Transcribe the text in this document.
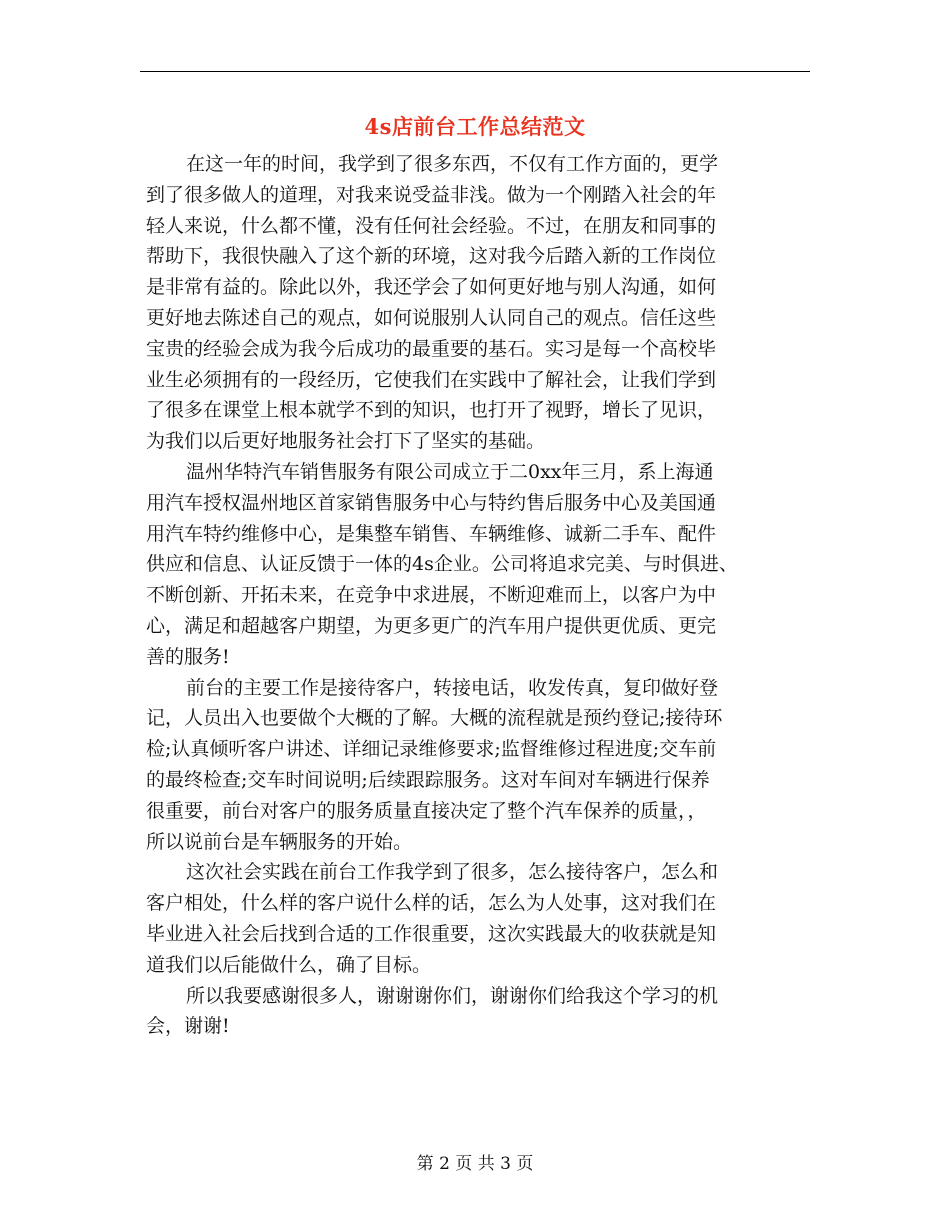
4s店前台工作总结范文
在这一年的时间，我学到了很多东西，不仅有工作方面的，更学
到了很多做人的道理，对我来说受益非浅。做为一个刚踏入社会的年
轻人来说，什么都不懂，没有任何社会经验。不过，在朋友和同事的
帮助下，我很快融入了这个新的环境，这对我今后踏入新的工作岗位
是非常有益的。除此以外，我还学会了如何更好地与别人沟通，如何
更好地去陈述自己的观点，如何说服别人认同自己的观点。信任这些
宝贵的经验会成为我今后成功的最重要的基石。实习是每一个高校毕
业生必须拥有的一段经历，它使我们在实践中了解社会，让我们学到
了很多在课堂上根本就学不到的知识，也打开了视野，增长了见识，
为我们以后更好地服务社会打下了坚实的基础。
温州华特汽车销售服务有限公司成立于二0xx年三月，系上海通
用汽车授权温州地区首家销售服务中心与特约售后服务中心及美国通
用汽车特约维修中心，是集整车销售、车辆维修、诚新二手车、配件
供应和信息、认证反馈于一体的4s企业。公司将追求完美、与时俱进、
不断创新、开拓未来，在竞争中求进展，不断迎难而上，以客户为中
心，满足和超越客户期望，为更多更广的汽车用户提供更优质、更完
善的服务!
前台的主要工作是接待客户，转接电话，收发传真，复印做好登
记，人员出入也要做个大概的了解。大概的流程就是预约登记;接待环
检;认真倾听客户讲述、详细记录维修要求;监督维修过程进度;交车前
的最终检查;交车时间说明;后续跟踪服务。这对车间对车辆进行保养
很重要，前台对客户的服务质量直接决定了整个汽车保养的质量，，
所以说前台是车辆服务的开始。
这次社会实践在前台工作我学到了很多，怎么接待客户，怎么和
客户相处，什么样的客户说什么样的话，怎么为人处事，这对我们在
毕业进入社会后找到合适的工作很重要，这次实践最大的收获就是知
道我们以后能做什么，确了目标。
所以我要感谢很多人，谢谢谢你们，谢谢你们给我这个学习的机
会，谢谢!
第 2 页 共 3 页
